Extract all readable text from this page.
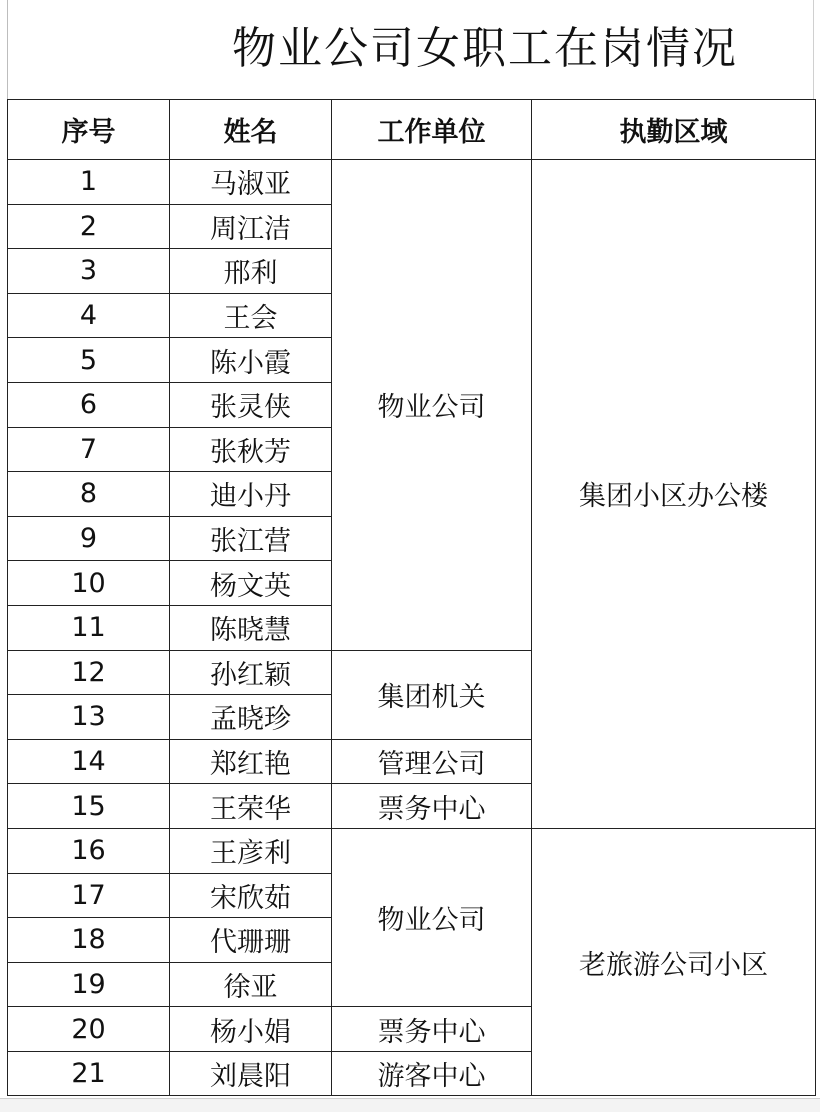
物业公司女职工在岗情况
序号	姓名	工作单位	执勤区域
1	马淑亚	物业公司	集团小区办公楼
2	周江洁		
3	邢利		
4	王会		
5	陈小霞		
6	张灵侠		
7	张秋芳		
8	迪小丹		
9	张江营		
10	杨文英		
11	陈晓慧		
12	孙红颖	集团机关	
13	孟晓珍		
14	郑红艳	管理公司	
15	王荣华	票务中心	
16	王彦利	物业公司	老旅游公司小区
17	宋欣茹		
18	代珊珊		
19	徐亚		
20	杨小娟	票务中心	
21	刘晨阳	游客中心	
